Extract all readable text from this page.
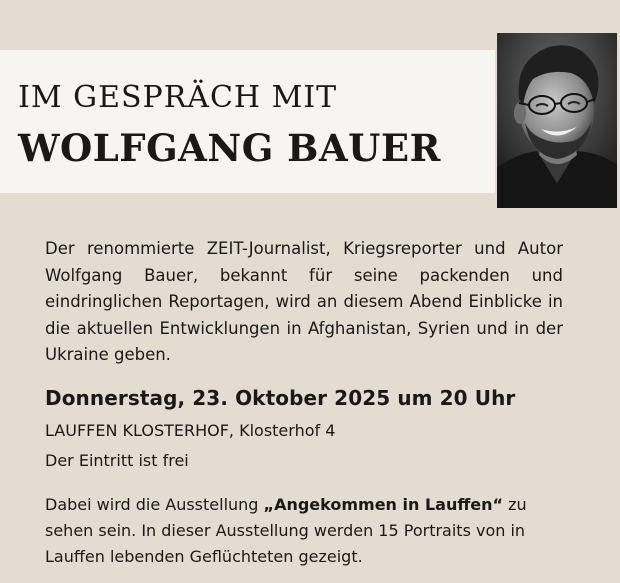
IM GESPRÄCH MIT
WOLFGANG BAUER
Der renommierte ZEIT-Journalist, Kriegsreporter und Autor Wolfgang Bauer, bekannt für seine packenden und eindringlichen Reportagen, wird an diesem Abend Einblicke in die aktuellen Entwicklungen in Afghanistan, Syrien und in der Ukraine geben.
Donnerstag, 23. Oktober 2025 um 20 Uhr
LAUFFEN KLOSTERHOF, Klosterhof 4
Der Eintritt ist frei
Dabei wird die Ausstellung „Angekommen in Lauffen“ zu sehen sein. In dieser Ausstellung werden 15 Portraits von in Lauffen lebenden Geflüchteten gezeigt.
